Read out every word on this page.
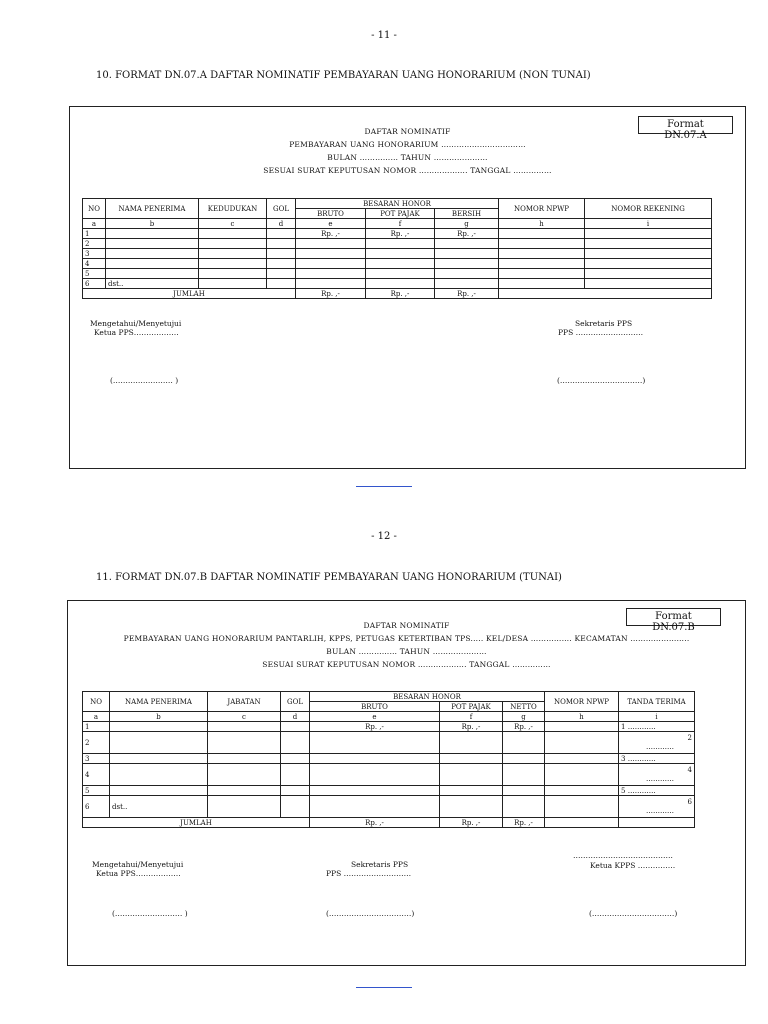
- 11 -
10. FORMAT DN.07.A DAFTAR NOMINATIF PEMBAYARAN UANG HONORARIUM (NON TUNAI)
Format DN.07.A
DAFTAR NOMINATIF
PEMBAYARAN UANG HONORARIUM ……………………………
BULAN …………… TAHUN …………………
SESUAI SURAT KEPUTUSAN NOMOR ………………. TANGGAL ……………
NO	NAMA PENERIMA	KEDUDUKAN	GOL	BESARAN HONOR			NOMOR NPWP	NOMOR REKENING
				BRUTO	POT PAJAK	BERSIH		
a	b	c	d	e	f	g	h	i
1				Rp. ,-	Rp. ,-	Rp. ,-		
2								
3								
4								
5								
6	dst..							
JUMLAH				Rp. ,-	Rp. ,-	Rp. ,-		
Mengetahui/Menyetujui
Ketua PPS………………
(…………………… )
Sekretaris PPS
PPS ………………………
(……………………………)
- 12 -
11. FORMAT DN.07.B DAFTAR NOMINATIF PEMBAYARAN UANG HONORARIUM (TUNAI)
Format DN.07.B
DAFTAR NOMINATIF
PEMBAYARAN UANG HONORARIUM PANTARLIH, KPPS, PETUGAS KETERTIBAN TPS..... KEL/DESA ……………. KECAMATAN …………………..
BULAN …………… TAHUN …………………
SESUAI SURAT KEPUTUSAN NOMOR ………………. TANGGAL ……………
NO	NAMA PENERIMA	JABATAN	GOL	BESARAN HONOR			NOMOR NPWP	TANDA TERIMA
				BRUTO	POT PAJAK	NETTO		
a	b	c	d	e	f	g	h	i
1				Rp. ,-	Rp. ,-	Rp. ,-		1 …………
2								2
…………

3								3 …………
4								4
…………

5								5 …………
6	dst..							6
…………

JUMLAH				Rp. ,-	Rp. ,-	Rp. ,-		
Mengetahui/Menyetujui
Ketua PPS………………
(……………………… )
Sekretaris PPS
PPS ………………………
(……………………………)
………………………………….
Ketua KPPS ……………
(……………………………)
